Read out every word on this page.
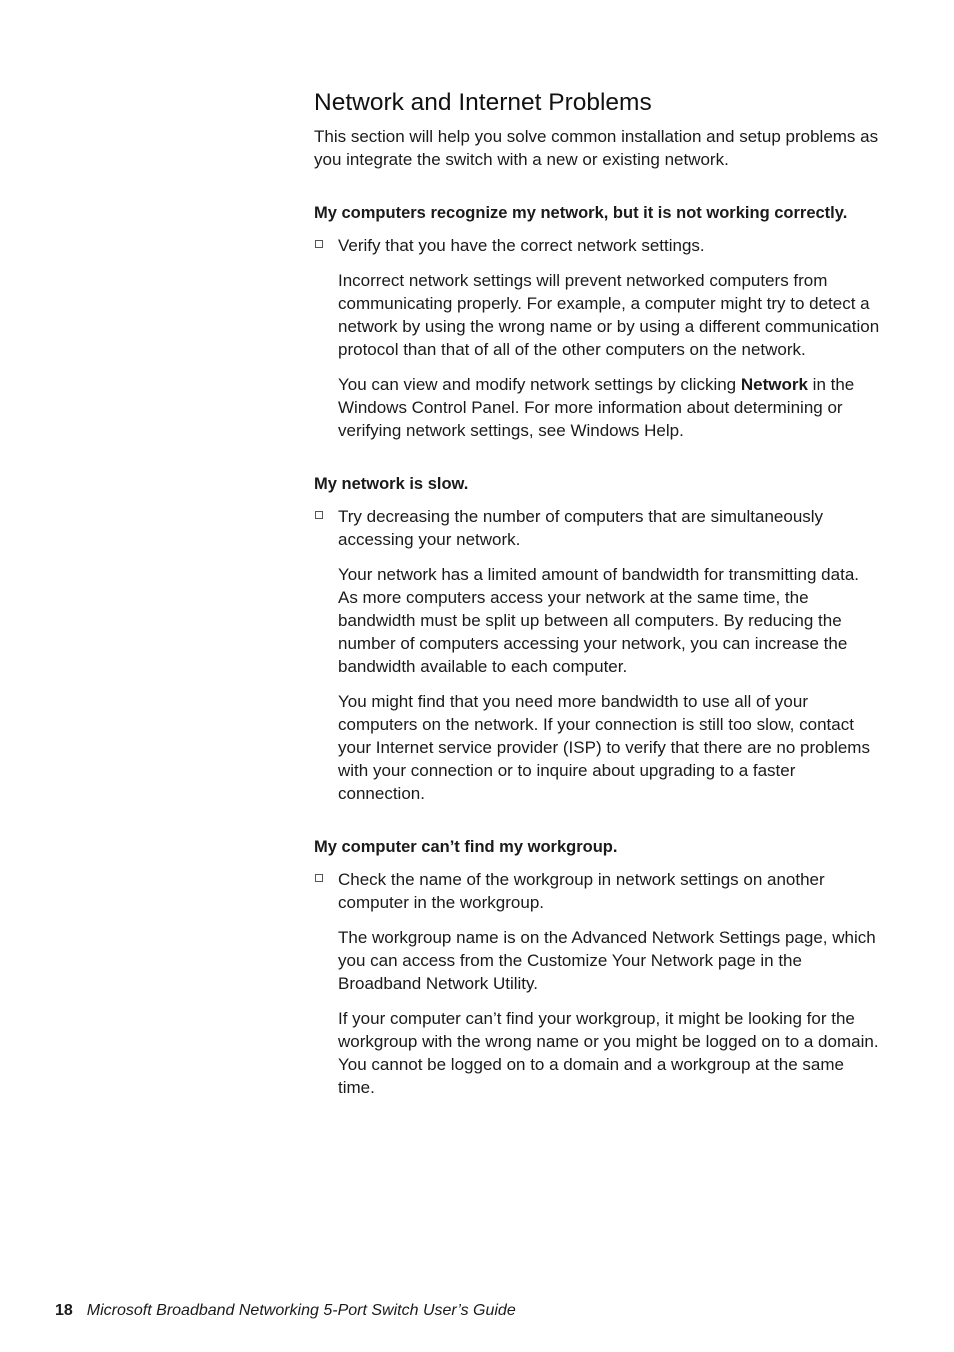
Network and Internet Problems

This section will help you solve common installation and setup problems as you integrate the switch with a new or existing network.

My computers recognize my network, but it is not working correctly.
Verify that you have the correct network settings.

Incorrect network settings will prevent networked computers from communicating properly. For example, a computer might try to detect a network by using the wrong name or by using a different communication protocol than that of all of the other computers on the network.

You can view and modify network settings by clicking Network in the Windows Control Panel. For more information about determining or verifying network settings, see Windows Help.

My network is slow.
Try decreasing the number of computers that are simultaneously accessing your network.

Your network has a limited amount of bandwidth for transmitting data. As more computers access your network at the same time, the bandwidth must be split up between all computers. By reducing the number of computers accessing your network, you can increase the bandwidth available to each computer.

You might find that you need more bandwidth to use all of your computers on the network. If your connection is still too slow, contact your Internet service provider (ISP) to verify that there are no problems with your connection or to inquire about upgrading to a faster connection.

My computer can’t find my workgroup.
Check the name of the workgroup in network settings on another computer in the workgroup.

The workgroup name is on the Advanced Network Settings page, which you can access from the Customize Your Network page in the Broadband Network Utility.

If your computer can’t find your workgroup, it might be looking for the workgroup with the wrong name or you might be logged on to a domain. You cannot be logged on to a domain and a workgroup at the same time.

18 Microsoft Broadband Networking 5-Port Switch User’s Guide
